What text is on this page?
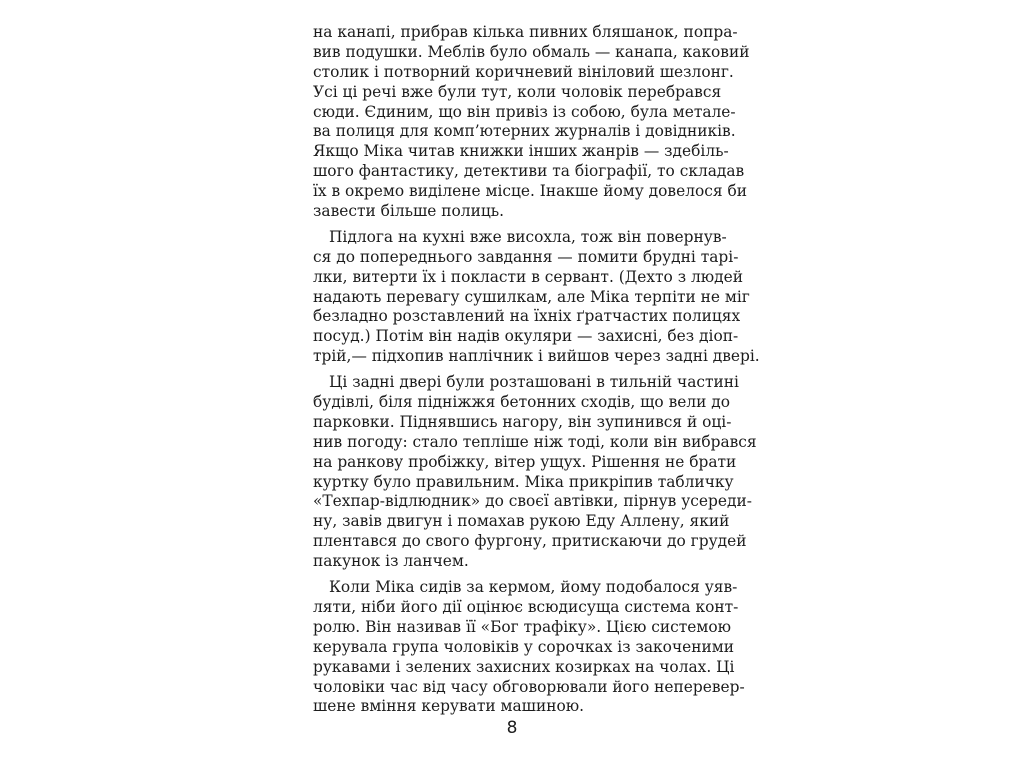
на канапі, прибрав кілька пивних бляшанок, попра-
вив подушки. Меблів було обмаль — канапа, каковий
столик і потворний коричневий вініловий шезлонг.
Усі ці речі вже були тут, коли чоловік перебрався
сюди. Єдиним, що він привіз із собою, була метале-
ва полиця для комп’ютерних журналів і довідників.
Якщо Міка читав книжки інших жанрів — здебіль-
шого фантастику, детективи та біографії, то складав
їх в окремо виділене місце. Інакше йому довелося би
завести більше полиць.
Підлога на кухні вже висохла, тож він повернув-
ся до попереднього завдання — помити брудні тарі-
лки, витерти їх і покласти в сервант. (Дехто з людей
надають перевагу сушилкам, але Міка терпіти не міг
безладно розставлений на їхніх ґратчастих полицях
посуд.) Потім він надів окуляри — захисні, без діоп-
трій,— підхопив наплічник і вийшов через задні двері.
Ці задні двері були розташовані в тильній частині
будівлі, біля підніжжя бетонних сходів, що вели до
парковки. Піднявшись нагору, він зупинився й оці-
нив погоду: стало тепліше ніж тоді, коли він вибрався
на ранкову пробіжку, вітер ущух. Рішення не брати
куртку було правильним. Міка прикріпив табличку
«Техпар-відлюдник» до своєї автівки, пірнув усереди-
ну, завів двигун і помахав рукою Еду Аллену, який
плентався до свого фургону, притискаючи до грудей
пакунок із ланчем.
Коли Міка сидів за кермом, йому подобалося уяв-
ляти, ніби його дії оцінює всюдисуща система конт-
ролю. Він називав її «Бог трафіку». Цією системою
керувала група чоловіків у сорочках із закоченими
рукавами і зелених захисних козирках на чолах. Ці
чоловіки час від часу обговорювали його неперевер-
шене вміння керувати машиною.
8
